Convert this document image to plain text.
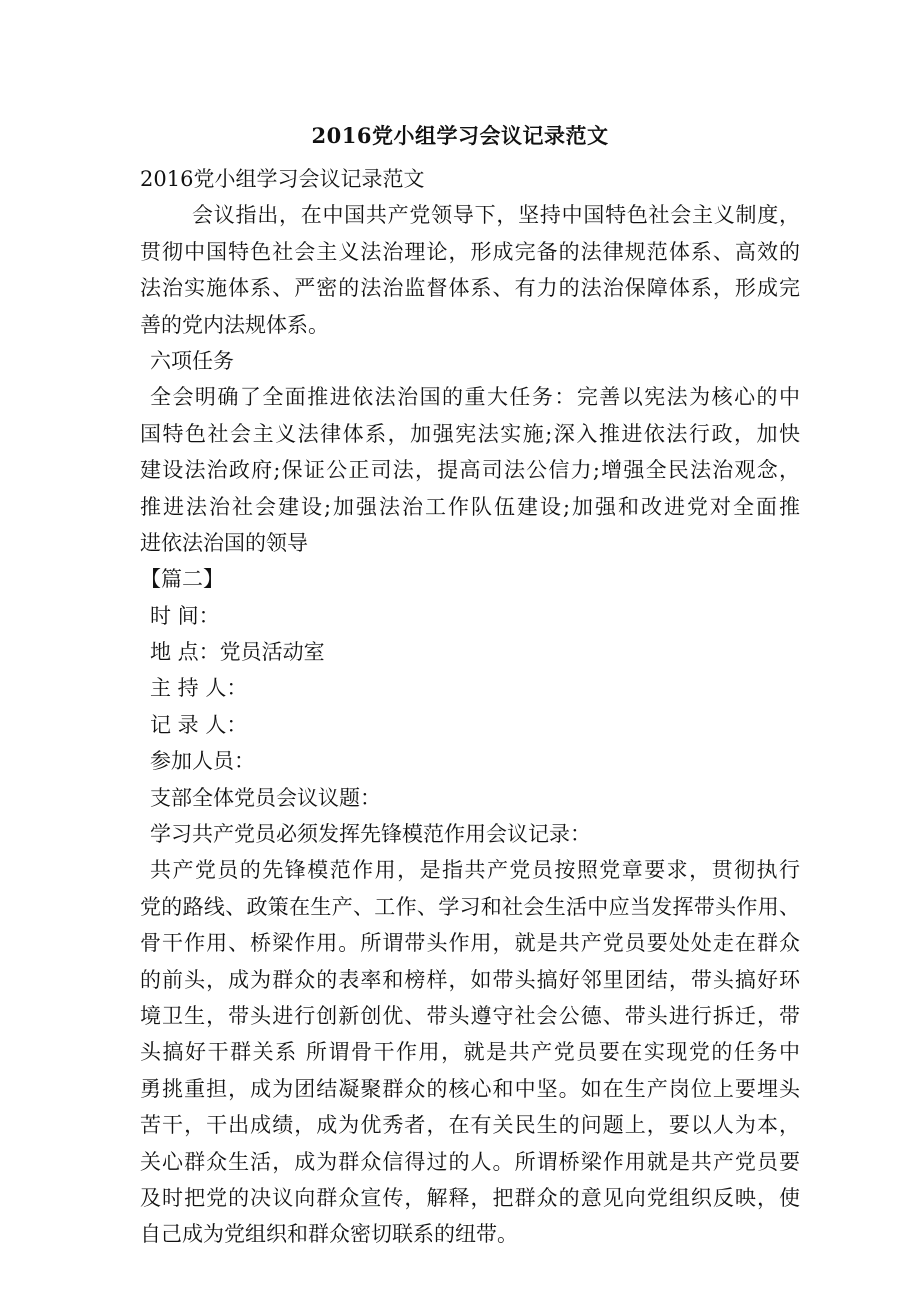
2016党小组学习会议记录范文
2016党小组学习会议记录范文
会议指出，在中国共产党领导下，坚持中国特色社会主义制度，
贯彻中国特色社会主义法治理论，形成完备的法律规范体系、高效的
法治实施体系、严密的法治监督体系、有力的法治保障体系，形成完
善的党内法规体系。
六项任务
全会明确了全面推进依法治国的重大任务：完善以宪法为核心的中
国特色社会主义法律体系，加强宪法实施;深入推进依法行政，加快
建设法治政府;保证公正司法，提高司法公信力;增强全民法治观念，
推进法治社会建设;加强法治工作队伍建设;加强和改进党对全面推
进依法治国的领导
【篇二】
时 间：
地 点：党员活动室
主 持 人：
记 录 人：
参加人员：
支部全体党员会议议题：
学习共产党员必须发挥先锋模范作用会议记录：
共产党员的先锋模范作用，是指共产党员按照党章要求，贯彻执行
党的路线、政策在生产、工作、学习和社会生活中应当发挥带头作用、
骨干作用、桥梁作用。所谓带头作用，就是共产党员要处处走在群众
的前头，成为群众的表率和榜样，如带头搞好邻里团结，带头搞好环
境卫生，带头进行创新创优、带头遵守社会公德、带头进行拆迁，带
头搞好干群关系 所谓骨干作用，就是共产党员要在实现党的任务中
勇挑重担，成为团结凝聚群众的核心和中坚。如在生产岗位上要埋头
苦干，干出成绩，成为优秀者，在有关民生的问题上，要以人为本，
关心群众生活，成为群众信得过的人。所谓桥梁作用就是共产党员要
及时把党的决议向群众宣传，解释，把群众的意见向党组织反映，使
自己成为党组织和群众密切联系的纽带。
